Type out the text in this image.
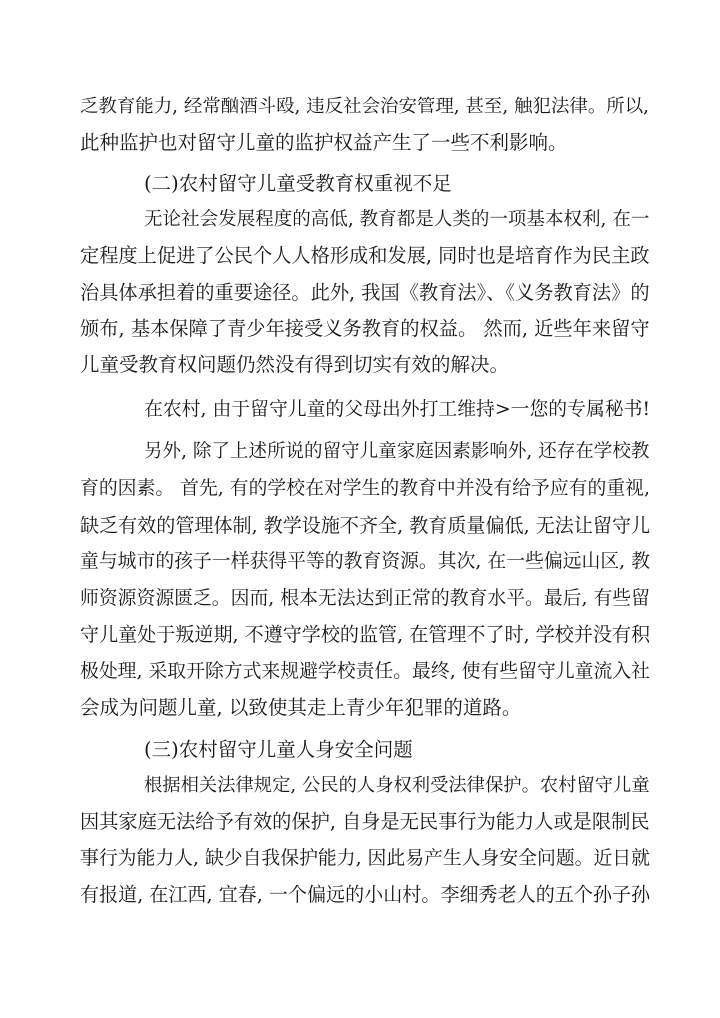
乏教育能力, 经常酗酒斗殴, 违反社会治安管理, 甚至, 触犯法律。所以,
此种监护也对留守儿童的监护权益产生了一些不利影响。
(二)农村留守儿童受教育权重视不足
无论社会发展程度的高低, 教育都是人类的一项基本权利, 在一
定程度上促进了公民个人人格形成和发展, 同时也是培育作为民主政
治具体承担着的重要途径。此外, 我国《教育法》、《义务教育法》的
颁布, 基本保障了青少年接受义务教育的权益。 然而, 近些年来留守
儿童受教育权问题仍然没有得到切实有效的解决。
在农村, 由于留守儿童的父母出外打工维持>一您的专属秘书!
另外, 除了上述所说的留守儿童家庭因素影响外, 还存在学校教
育的因素。 首先, 有的学校在对学生的教育中并没有给予应有的重视,
缺乏有效的管理体制, 教学设施不齐全, 教育质量偏低, 无法让留守儿
童与城市的孩子一样获得平等的教育资源。其次, 在一些偏远山区, 教
师资源资源匮乏。因而, 根本无法达到正常的教育水平。最后, 有些留
守儿童处于叛逆期, 不遵守学校的监管, 在管理不了时, 学校并没有积
极处理, 采取开除方式来规避学校责任。最终, 使有些留守儿童流入社
会成为问题儿童, 以致使其走上青少年犯罪的道路。
(三)农村留守儿童人身安全问题
根据相关法律规定, 公民的人身权利受法律保护。农村留守儿童
因其家庭无法给予有效的保护, 自身是无民事行为能力人或是限制民
事行为能力人, 缺少自我保护能力, 因此易产生人身安全问题。近日就
有报道, 在江西, 宜春, 一个偏远的小山村。李细秀老人的五个孙子孙
